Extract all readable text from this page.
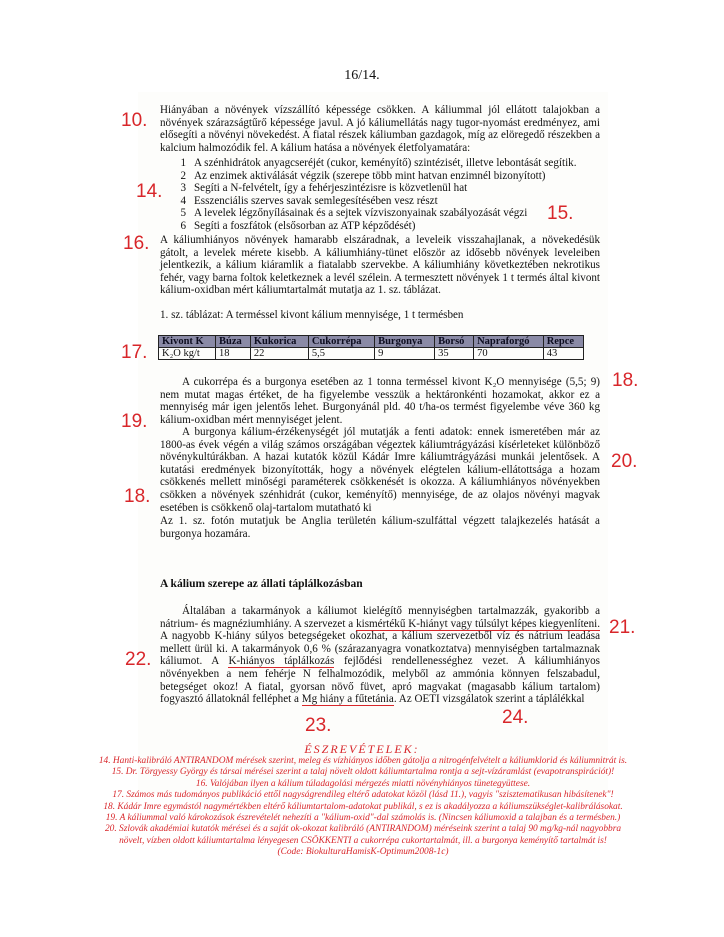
16/14.
Hiányában a növények vízszállító képessége csökken. A káliummal jól ellátott talajokban a növények szárazságtűrő képessége javul. A jó káliumellátás nagy tugor-nyomást eredményez, ami elősegíti a növényi növekedést. A fiatal részek káliumban gazdagok, míg az elöregedő részekben a kalcium halmozódik fel. A kálium hatása a növények életfolyamatára:
1 A szénhidrátok anyagcseréjét (cukor, keményítő) szintézisét, illetve lebontását segítik.
2 Az enzimek aktiválását végzik (szerepe több mint hatvan enzimnél bizonyított)
3 Segíti a N-felvételt, így a fehérjeszintézisre is közvetlenül hat
4 Esszenciális szerves savak semlegesítésében vesz részt
5 A levelek légzőnyílásainak és a sejtek vízviszonyainak szabályozását végzi
6 Segíti a foszfátok (elsősorban az ATP képződését)
A káliumhiányos növények hamarabb elszáradnak, a leveleik visszahajlanak, a növekedésük gátolt, a levelek mérete kisebb. A káliumhiány-tünet először az idősebb növények leveleiben jelentkezik, a kálium kiáramlik a fiatalabb szervekbe. A káliumhiány következtében nekrotikus fehér, vagy barna foltok keletkeznek a levél szélein. A termesztett növények 1 t termés által kivont kálium-oxidban mért káliumtartalmát mutatja az 1. sz. táblázat.
1. sz. táblázat: A terméssel kivont kálium mennyisége, 1 t termésben
Kivont K	Búza	Kukorica	Cukorrépa	Burgonya	Borsó	Napraforgó	Repce
K₂O kg/t	18	22	5,5	9	35	70	43
A cukorrépa és a burgonya esetében az 1 tonna terméssel kivont K₂O mennyisége (5,5; 9) nem mutat magas értéket, de ha figyelembe vesszük a hektáronkénti hozamokat, akkor ez a mennyiség már igen jelentős lehet. Burgonyánál pld. 40 t/ha-os termést figyelembe véve 360 kg kálium-oxidban mért mennyiséget jelent.
A burgonya kálium-érzékenységét jól mutatják a fenti adatok: ennek ismeretében már az 1800-as évek végén a világ számos országában végeztek káliumtrágyázási kísérleteket különböző növénykultúrákban. A hazai kutatók közül Kádár Imre káliumtrágyázási munkái jelentősek. A kutatási eredmények bizonyították, hogy a növények elégtelen kálium-ellátottsága a hozam csökkenés mellett minőségi paraméterek csökkenését is okozza. A káliumhiányos növényekben csökken a növények szénhidrát (cukor, keményítő) mennyisége, de az olajos növényi magvak esetében is csökkenő olaj-tartalom mutatható ki
Az 1. sz. fotón mutatjuk be Anglia területén kálium-szulfáttal végzett talajkezelés hatását a burgonya hozamára.
A kálium szerepe az állati táplálkozásban
Általában a takarmányok a káliumot kielégítő mennyiségben tartalmazzák, gyakoribb a nátrium- és magnéziumhiány. A szervezet a kismértékű K-hiányt vagy túlsúlyt képes kiegyenlíteni. A nagyobb K-hiány súlyos betegségeket okozhat, a kálium szervezetből víz és nátrium leadása mellett ürül ki. A takarmányok 0,6 % (szárazanyagra vonatkoztatva) mennyiségben tartalmaznak káliumot. A K-hiányos táplálkozás fejlődési rendellenességhez vezet. A káliumhiányos növényekben a nem fehérje N felhalmozódik, melyből az ammónia könnyen felszabadul, betegséget okoz! A fiatal, gyorsan növő füvet, apró magvakat (magasabb kálium tartalom) fogyasztó állatoknál felléphet a Mg hiány a fűtetánia. Az OETI vizsgálatok szerint a táplálékkal
10.
14.
15.
16.
17.
18.
19.
20.
18.
21.
22.
23.	24.
ÉSZREVÉTELEK:
14. Hanti-kalibráló ANTIRANDOM mérések szerint, meleg és vízhiányos időben gátolja a nitrogénfelvételt a káliumklorid és káliumnitrát is.
15. Dr. Törgyessy György és társai mérései szerint a talaj növelt oldott káliumtartalma rontja a sejt-vízáramlást (evapotranspirációt)!
16. Valójában ilyen a kálium túladagolási mérgezés miatti növényhiányos tünetegyüttese.
17. Számos más tudományos publikáció ettől nagyságrendileg eltérő adatokat közöl (lásd 11.), vagyis "szisztematikusan hibásítenek"!
18. Kádár Imre egymástól nagymértékben eltérő káliumtartalom-adatokat publikál, s ez is akadályozza a káliumszükséglet-kalibrálásokat.
19. A káliummal való károkozások észrevételét nehezíti a "kálium-oxid"-dal számolás is. (Nincsen káliumoxid a talajban és a termésben.)
20. Szlovák akadémiai kutatók mérései és a saját ok-okozat kalibráló (ANTIRANDOM) méréseink szerint a talaj 90 mg/kg-nál nagyobbra
növelt, vízben oldott káliumtartalma lényegesen CSÖKKENTI a cukorrépa cukortartalmát, ill. a burgonya keményítő tartalmát is!
(Code: BiokulturaHamisK-Optimum2008-1c)
